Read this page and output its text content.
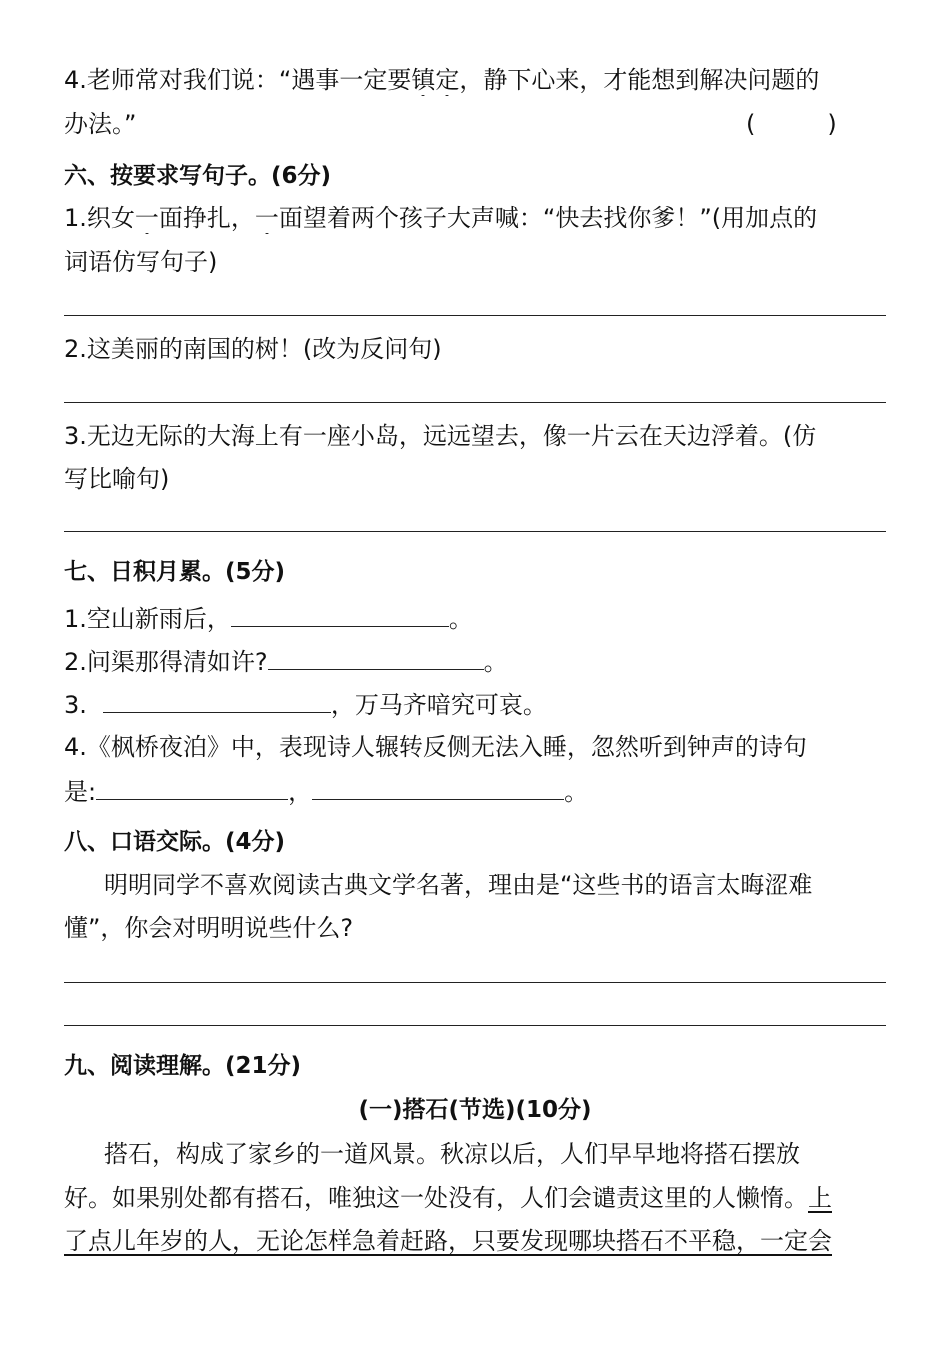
4.老师常对我们说：“遇事一定要镇定，静下心来，才能想到解决问题的
办法。”	(　　　)
六、按要求写句子。(6分)
1.织女一面挣扎，一面望着两个孩子大声喊：“快去找你爹！”(用加点的
词语仿写句子)
2.这美丽的南国的树！(改为反问句)
3.无边无际的大海上有一座小岛，远远望去，像一片云在天边浮着。(仿
写比喻句)
七、日积月累。(5分)
1.空山新雨后，	。
2.问渠那得清如许?	。
3.	，万马齐喑究可哀。
4.《枫桥夜泊》中，表现诗人辗转反侧无法入睡，忽然听到钟声的诗句
是:	，	。
八、口语交际。(4分)
明明同学不喜欢阅读古典文学名著，理由是“这些书的语言太晦涩难
懂”，你会对明明说些什么?
九、阅读理解。(21分)
(一)搭石(节选)(10分)
搭石，构成了家乡的一道风景。秋凉以后，人们早早地将搭石摆放
好。如果别处都有搭石，唯独这一处没有，人们会谴责这里的人懒惰。上
了点儿年岁的人，无论怎样急着赶路，只要发现哪块搭石不平稳，一定会
